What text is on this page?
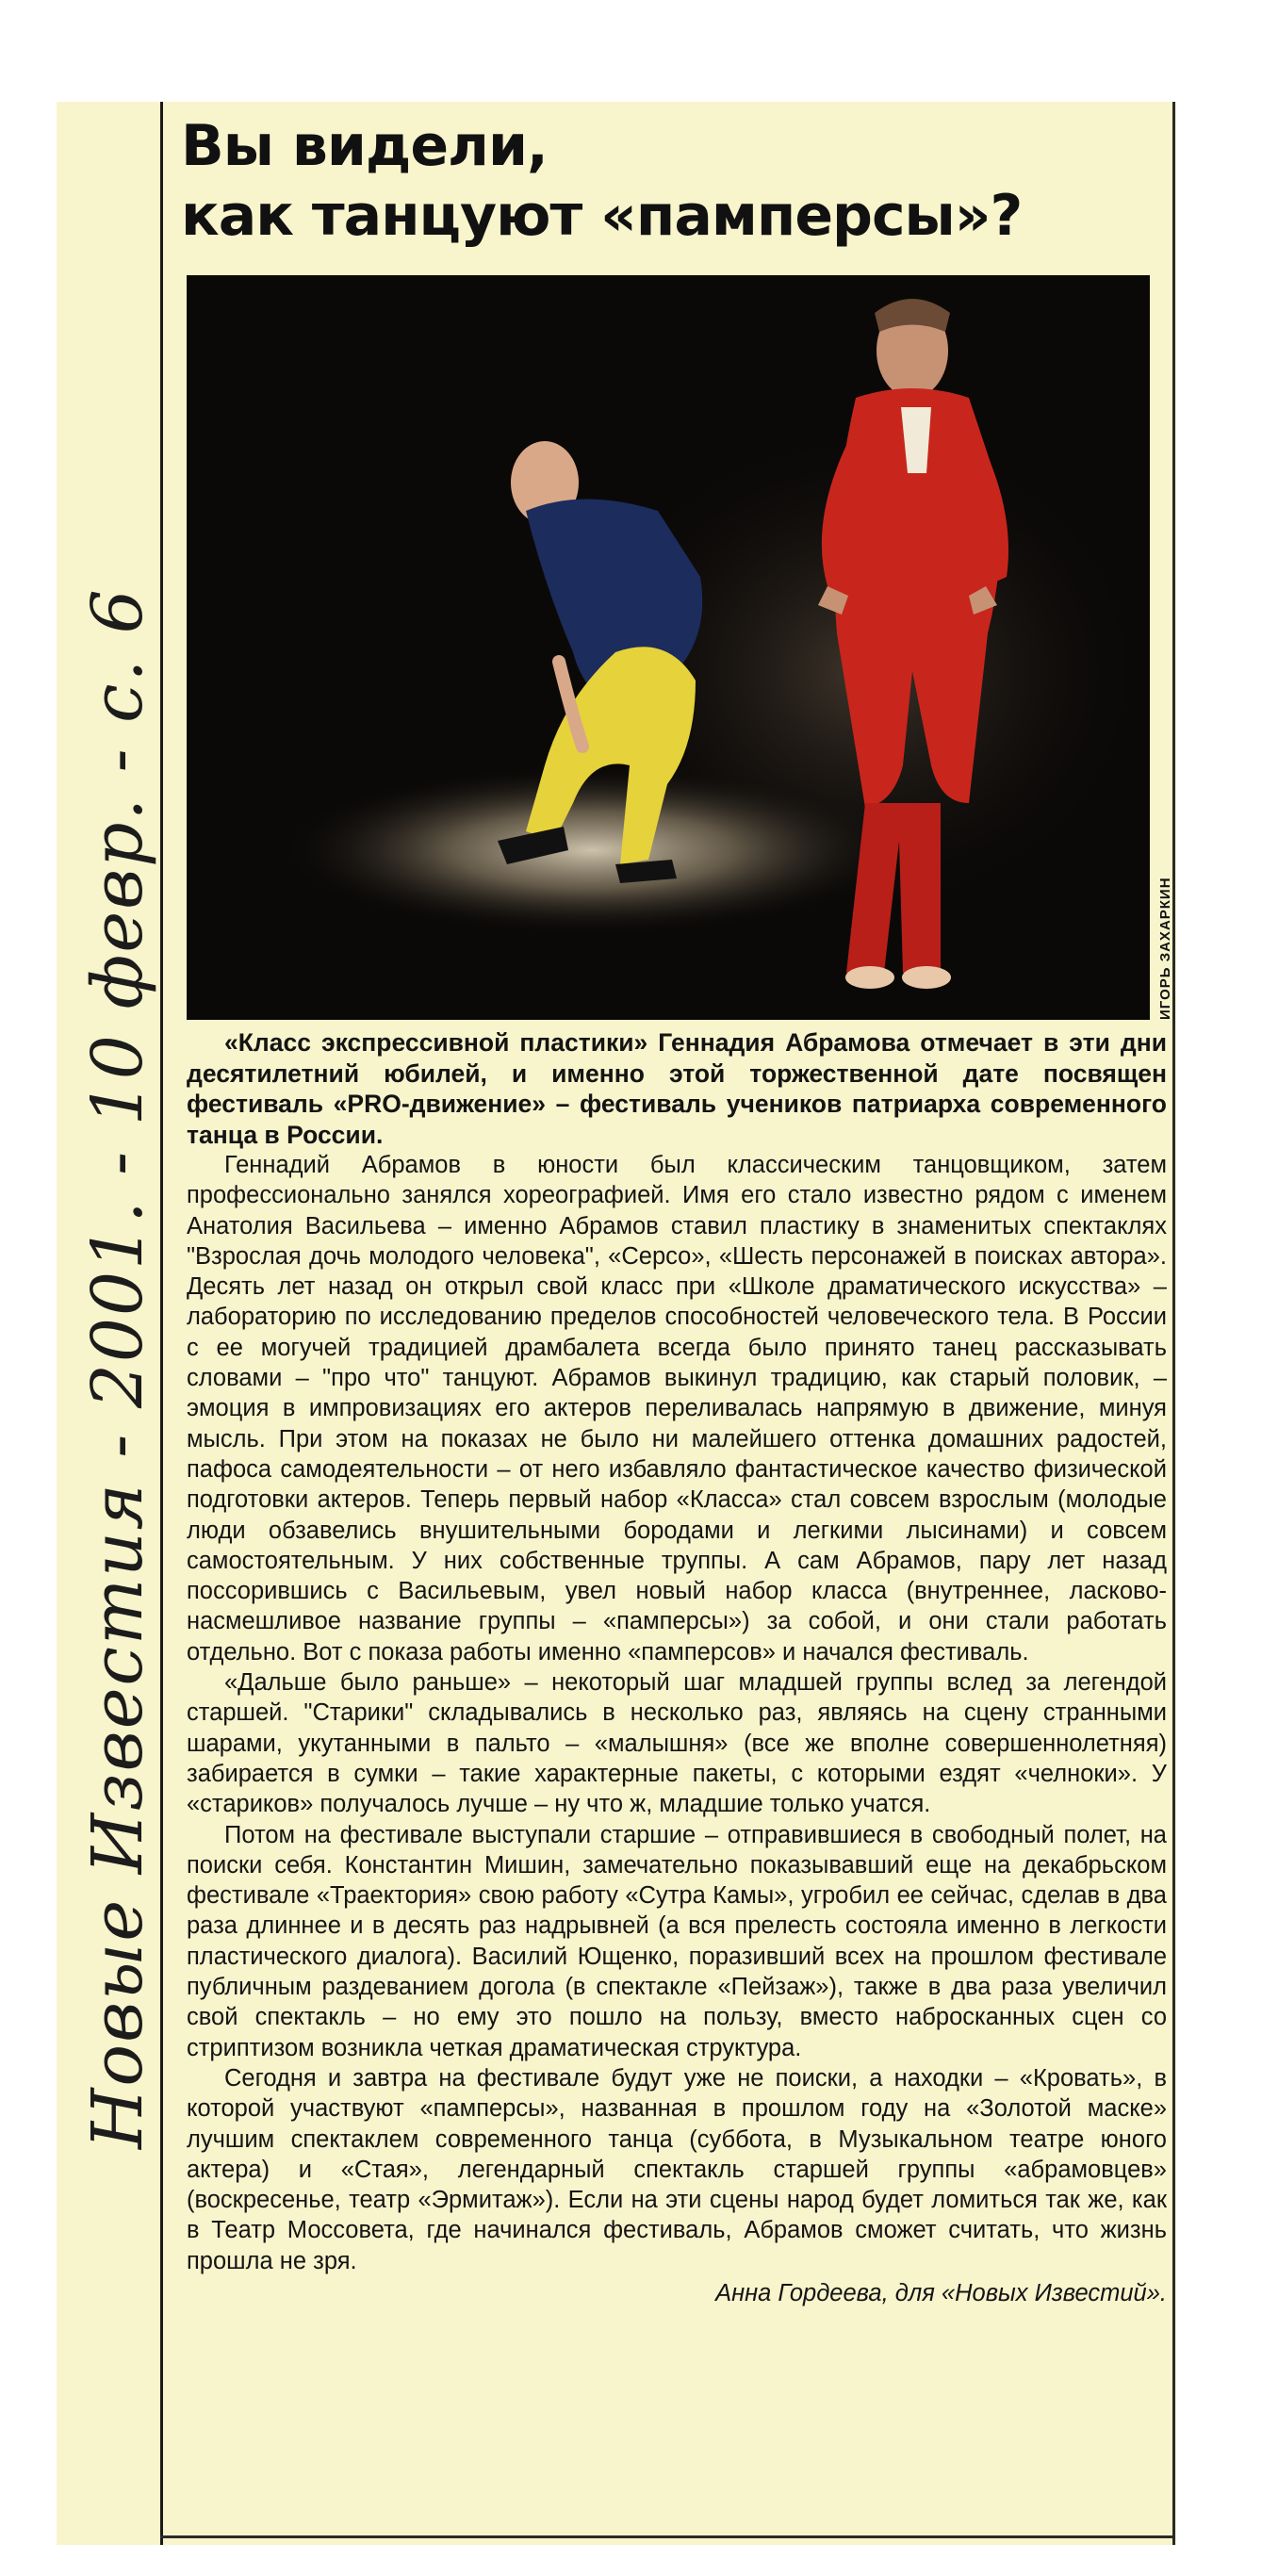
Вы видели,
как танцуют «памперсы»?
ИГОРЬ ЗАХАРКИН

«Класс экспрессивной пластики» Геннадия Абрамова отмечает в эти дни десятилетний юбилей, и именно этой торжественной дате посвящен фестиваль «PRO-движение» – фестиваль учеников патриарха современного танца в России.

Геннадий Абрамов в юности был классическим танцовщиком, затем профессионально занялся хореографией. Имя его стало известно рядом с именем Анатолия Васильева – именно Абрамов ставил пластику в знаменитых спектаклях "Взрослая дочь молодого человека", «Серсо», «Шесть персонажей в поисках автора». Десять лет назад он открыл свой класс при «Школе драматического искусства» – лабораторию по исследованию пределов способностей человеческого тела. В России с ее могучей традицией драмбалета всегда было принято танец рассказывать словами – "про что" танцуют. Абрамов выкинул традицию, как старый половик, – эмоция в импровизациях его актеров переливалась напрямую в движение, минуя мысль. При этом на показах не было ни малейшего оттенка домашних радостей, пафоса самодеятельности – от него избавляло фантастическое качество физической подготовки актеров. Теперь первый набор «Класса» стал совсем взрослым (молодые люди обзавелись внушительными бородами и легкими лысинами) и совсем самостоятельным. У них собственные труппы. А сам Абрамов, пару лет назад поссорившись с Васильевым, увел новый набор класса (внутреннее, ласково-насмешливое название группы – «памперсы») за собой, и они стали работать отдельно. Вот с показа работы именно «памперсов» и начался фестиваль.

«Дальше было раньше» – некоторый шаг младшей группы вслед за легендой старшей. "Старики" складывались в несколько раз, являясь на сцену странными шарами, укутанными в пальто – «малышня» (все же вполне совершеннолетняя) забирается в сумки – такие характерные пакеты, с которыми ездят «челноки». У «стариков» получалось лучше – ну что ж, младшие только учатся.

Потом на фестивале выступали старшие – отправившиеся в свободный полет, на поиски себя. Константин Мишин, замечательно показывавший еще на декабрьском фестивале «Траектория» свою работу «Сутра Камы», угробил ее сейчас, сделав в два раза длиннее и в десять раз надрывней (а вся прелесть состояла именно в легкости пластического диалога). Василий Ющенко, поразивший всех на прошлом фестивале публичным раздеванием догола (в спектакле «Пейзаж»), также в два раза увеличил свой спектакль – но ему это пошло на пользу, вместо набросканных сцен со стриптизом возникла четкая драматическая структура.

Сегодня и завтра на фестивале будут уже не поиски, а находки – «Кровать», в которой участвуют «памперсы», названная в прошлом году на «Золотой маске» лучшим спектаклем современного танца (суббота, в Музыкальном театре юного актера) и «Стая», легендарный спектакль старшей группы «абрамовцев» (воскресенье, театр «Эрмитаж»). Если на эти сцены народ будет ломиться так же, как в Театр Моссовета, где начинался фестиваль, Абрамов сможет считать, что жизнь прошла не зря.

Анна Гордеева, для «Новых Известий».

Новые Известия - 2001. - 10 февр. - с. 6
